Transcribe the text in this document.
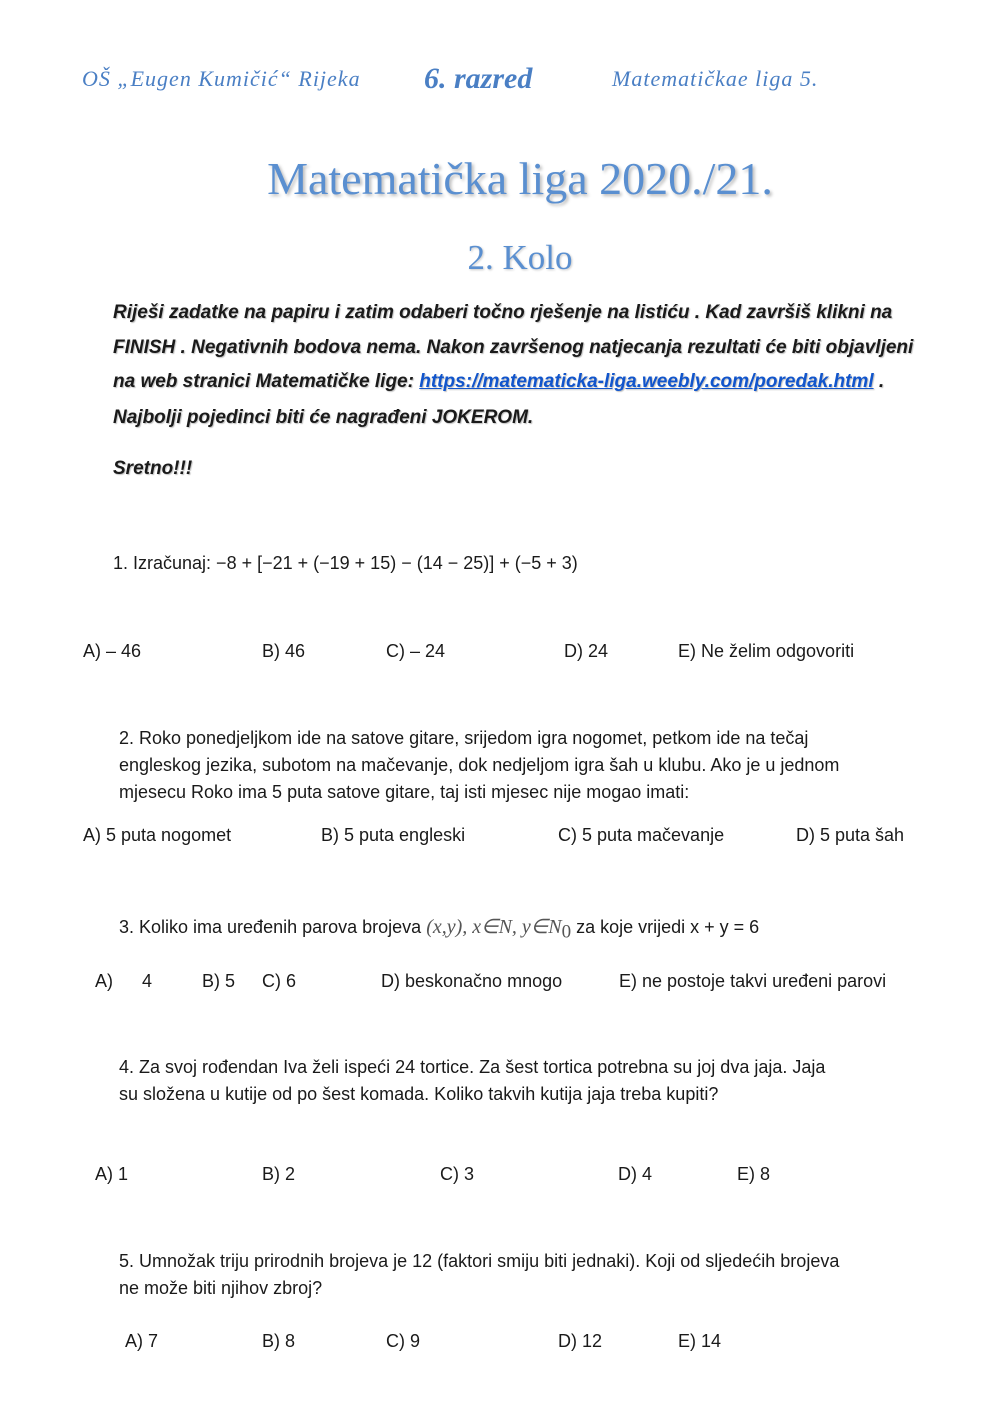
OŠ „Eugen Kumičić“ Rijeka 6. razred	Matematičkae liga 5.
Matematička liga 2020./21.
2. Kolo
Riješi zadatke na papiru i zatim odaberi točno rješenje na listiću . Kad završiš klikni na
FINISH . Negativnih bodova nema. Nakon završenog natjecanja rezultati će biti objavljeni
na web stranici Matematičke lige: https://matematicka-liga.weebly.com/poredak.html .
Najbolji pojedinci biti će nagrađeni JOKEROM.
Sretno!!!
1. Izračunaj: −8 + [−21 + (−19 + 15) − (14 − 25)] + (−5 + 3)
A) – 46	B) 46	C) – 24	D) 24	E) Ne želim odgovoriti
2. Roko ponedjeljkom ide na satove gitare, srijedom igra nogomet, petkom ide na tečaj
engleskog jezika, subotom na mačevanje, dok nedjeljom igra šah u klubu. Ako je u jednom
mjesecu Roko ima 5 puta satove gitare, taj isti mjesec nije mogao imati:
A) 5 puta nogomet	B) 5 puta engleski	C) 5 puta mačevanje	D) 5 puta šah
3. Koliko ima uređenih parova brojeva (x,y), x∈N, $y\in N_0$ za koje vrijedi x + y = 6
A) 4	B) 5 C) 6	D) beskonačno mnogo	E) ne postoje takvi uređeni parovi
4. Za svoj rođendan Iva želi ispeći 24 tortice. Za šest tortica potrebna su joj dva jaja. Jaja
su složena u kutije od po šest komada. Koliko takvih kutija jaja treba kupiti?
A) 1	B) 2	C) 3	D) 4	E) 8
5. Umnožak triju prirodnih brojeva je 12 (faktori smiju biti jednaki). Koji od sljedećih brojeva
ne može biti njihov zbroj?
A) 7	B) 8	C) 9	D) 12	E) 14
